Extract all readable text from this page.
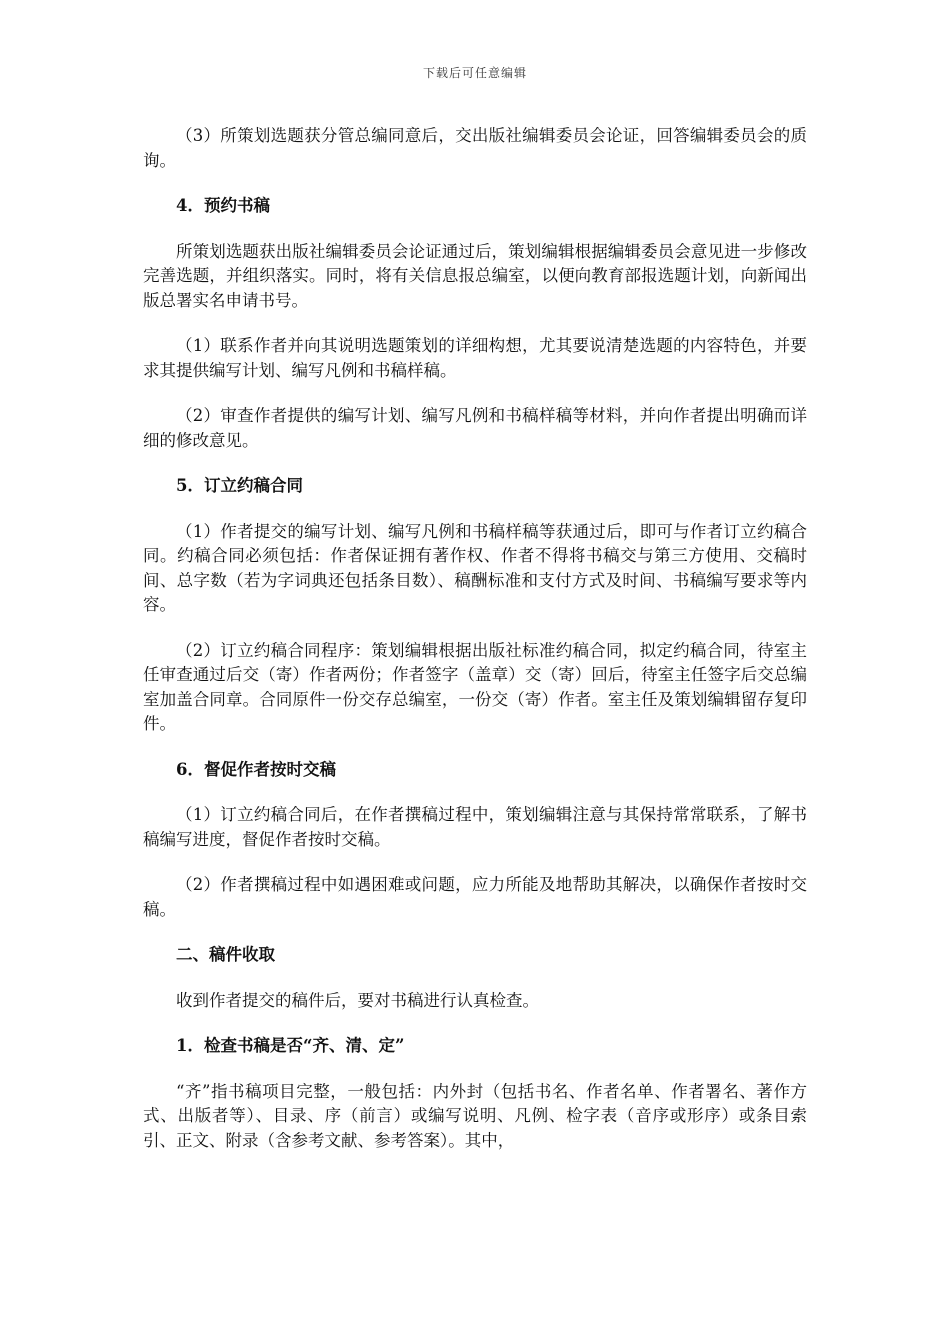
下载后可任意编辑

（3）所策划选题获分管总编同意后，交出版社编辑委员会论证，回答编辑委员会的质询。

4．预约书稿

所策划选题获出版社编辑委员会论证通过后，策划编辑根据编辑委员会意见进一步修改完善选题，并组织落实。同时，将有关信息报总编室，以便向教育部报选题计划，向新闻出版总署实名申请书号。

（1）联系作者并向其说明选题策划的详细构想，尤其要说清楚选题的内容特色，并要求其提供编写计划、编写凡例和书稿样稿。

（2）审查作者提供的编写计划、编写凡例和书稿样稿等材料，并向作者提出明确而详细的修改意见。

5．订立约稿合同

（1）作者提交的编写计划、编写凡例和书稿样稿等获通过后，即可与作者订立约稿合同。约稿合同必须包括：作者保证拥有著作权、作者不得将书稿交与第三方使用、交稿时间、总字数（若为字词典还包括条目数）、稿酬标准和支付方式及时间、书稿编写要求等内容。

（2）订立约稿合同程序：策划编辑根据出版社标准约稿合同，拟定约稿合同，待室主任审查通过后交（寄）作者两份；作者签字（盖章）交（寄）回后，待室主任签字后交总编室加盖合同章。合同原件一份交存总编室，一份交（寄）作者。室主任及策划编辑留存复印件。

6．督促作者按时交稿

（1）订立约稿合同后，在作者撰稿过程中，策划编辑注意与其保持常常联系，了解书稿编写进度，督促作者按时交稿。

（2）作者撰稿过程中如遇困难或问题，应力所能及地帮助其解决，以确保作者按时交稿。

二、稿件收取

收到作者提交的稿件后，要对书稿进行认真检查。

1．检查书稿是否“齐、清、定”

“齐”指书稿项目完整，一般包括：内外封（包括书名、作者名单、作者署名、著作方式、出版者等）、目录、序（前言）或编写说明、凡例、检字表（音序或形序）或条目索引、正文、附录（含参考文献、参考答案）。其中，
